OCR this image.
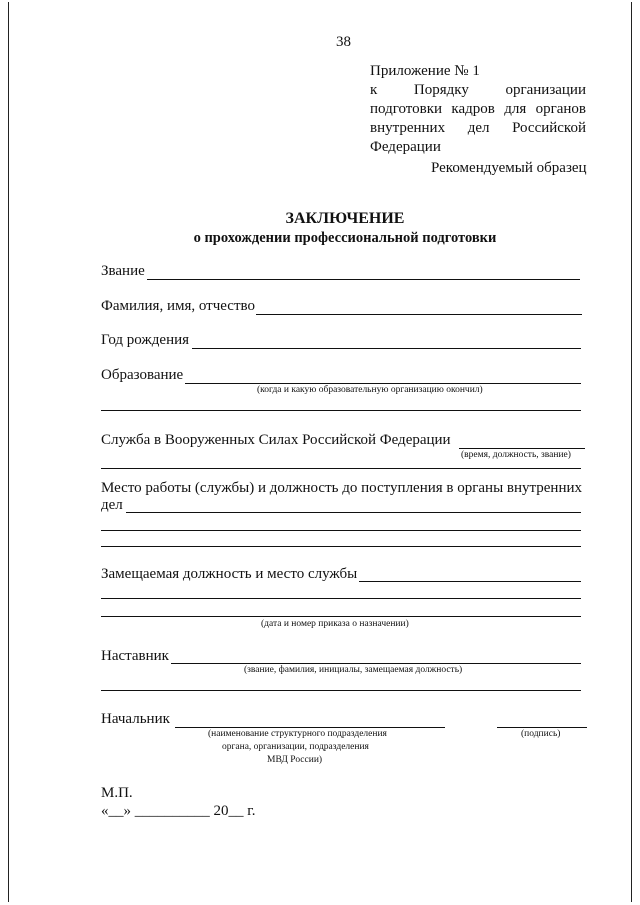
38
Приложение № 1
к Порядку организации
подготовки кадров для органов
внутренних дел Российской
Федерации
Рекомендуемый образец
ЗАКЛЮЧЕНИЕ
о прохождении профессиональной подготовки
Звание
Фамилия, имя, отчество
Год рождения
Образование
(когда и какую образовательную организацию окончил)
Служба в Вооруженных Силах Российской Федерации
(время, должность, звание)
Место работы (службы) и должность до поступления в органы внутренних
дел
Замещаемая должность и место службы
(дата и номер приказа о назначении)
Наставник
(звание, фамилия, инициалы, замещаемая должность)
Начальник
(наименование структурного подразделения
органа, организации, подразделения
МВД России)
(подпись)
М.П.
«__» __________ 20__ г.
